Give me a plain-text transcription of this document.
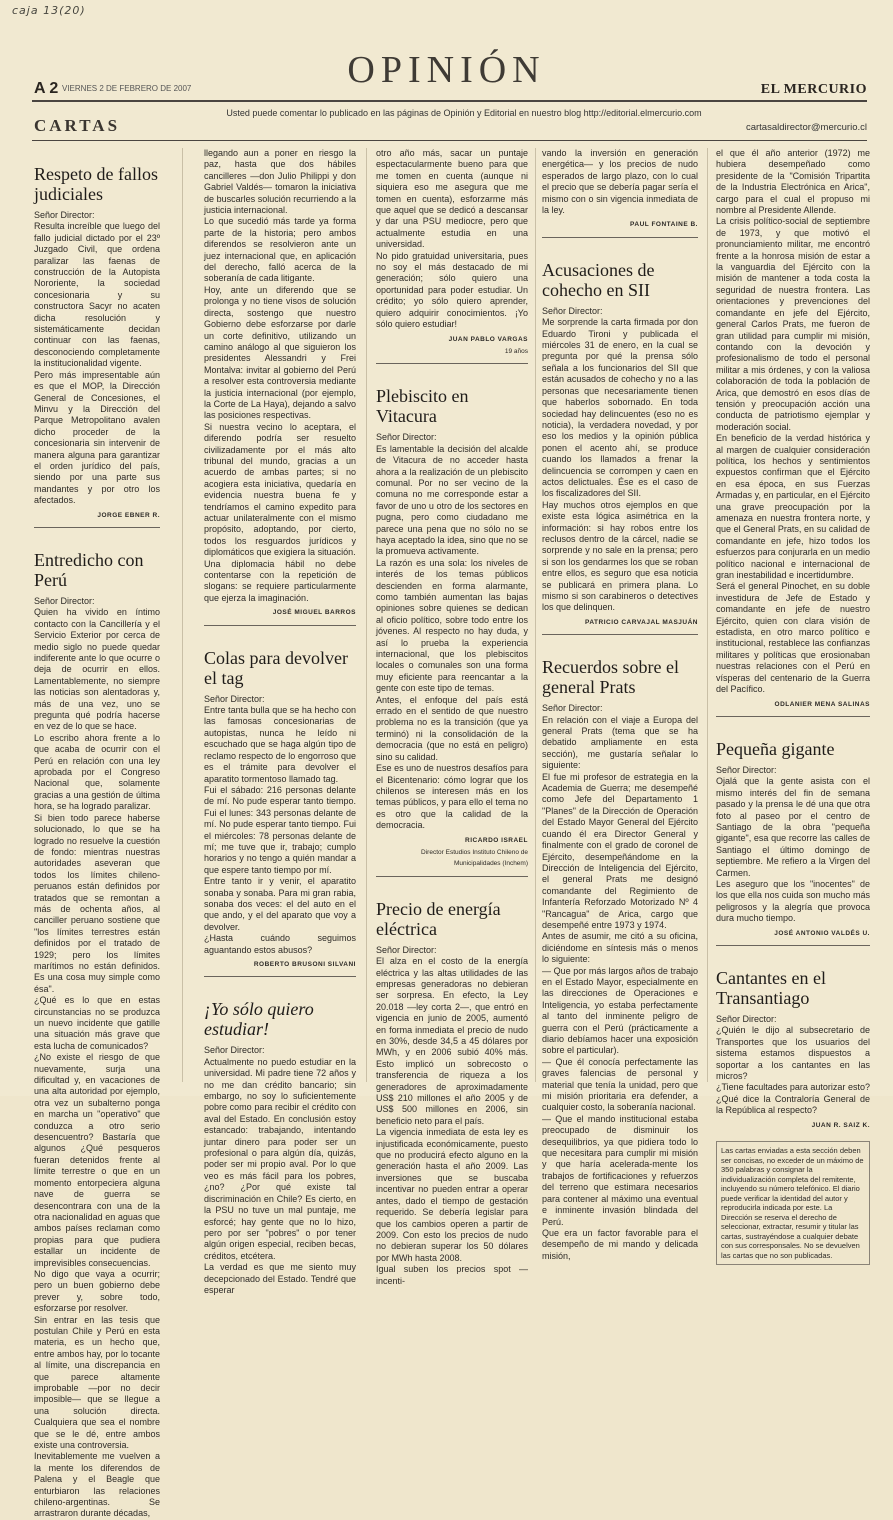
caja 13(20)
OPINIÓN
A 2 VIERNES 2 DE FEBRERO DE 2007	EL MERCURIO
CARTAS
Usted puede comentar lo publicado en las páginas de Opinión y Editorial en nuestro blog http://editorial.elmercurio.com
cartasaldirector@mercurio.cl
Respeto de fallos judiciales

Señor Director:

Resulta increíble que luego del fallo judicial dictado por el 23º Juzgado Civil, que ordena paralizar las faenas de construcción de la Autopista Nororiente, la sociedad concesionaria y su constructora Sacyr no acaten dicha resolución y sistemáticamente decidan continuar con las faenas, desconociendo completamente la institucionalidad vigente.

Pero más impresentable aún es que el MOP, la Dirección General de Concesiones, el Minvu y la Dirección del Parque Metropolitano avalen dicho proceder de la concesionaria sin intervenir de manera alguna para garantizar el orden jurídico del país, siendo por una parte sus mandantes y por otro los afectados.

JORGE EBNER R.
Entredicho con Perú

Señor Director:

Quien ha vivido en íntimo contacto con la Cancillería y el Servicio Exterior por cerca de medio siglo no puede quedar indiferente ante lo que ocurre o deja de ocurrir en ellos. Lamentablemente, no siempre las noticias son alentadoras y, más de una vez, uno se pregunta qué podría hacerse en vez de lo que se hace.

Lo escribo ahora frente a lo que acaba de ocurrir con el Perú en relación con una ley aprobada por el Congreso Nacional que, solamente gracias a una gestión de última hora, se ha logrado paralizar.

Si bien todo parece haberse solucionado, lo que se ha logrado no resuelve la cuestión de fondo: mientras nuestras autoridades aseveran que todos los límites chileno-peruanos están definidos por tratados que se remontan a más de ochenta años, al canciller peruano sostiene que "los límites terrestres están definidos por el tratado de 1929; pero los límites marítimos no están definidos. Es una cosa muy simple como ésa".

¿Qué es lo que en estas circunstancias no se produzca un nuevo incidente que gatille una situación más grave que esta lucha de comunicados?

¿No existe el riesgo de que nuevamente, surja una dificultad y, en vacaciones de una alta autoridad por ejemplo, otra vez un subalterno ponga en marcha un "operativo" que conduzca a otro serio desencuentro? Bastaría que algunos ¿Qué pesqueros fueran detenidos frente al límite terrestre o que en un momento entorpeciera alguna nave de guerra se desencontrara con una de la otra nacionalidad en aguas que ambos países reclaman como propias para que pudiera estallar un incidente de imprevisibles consecuencias.

No digo que vaya a ocurrir; pero un buen gobierno debe prever y, sobre todo, esforzarse por resolver.

Sin entrar en las tesis que postulan Chile y Perú en esta materia, es un hecho que, entre ambos hay, por lo tocante al límite, una discrepancia en que parece altamente improbable —por no decir imposible— que se llegue a una solución directa. Cualquiera que sea el nombre que se le dé, entre ambos existe una controversia.

Inevitablemente me vuelven a la mente los diferendos de Palena y el Beagle que enturbiaron las relaciones chileno-argentinas. Se arrastraron durante décadas,

llegando aun a poner en riesgo la paz, hasta que dos hábiles cancilleres —don Julio Philippi y don Gabriel Valdés— tomaron la iniciativa de buscarles solución recurriendo a la justicia internacional.

Lo que sucedió más tarde ya forma parte de la historia; pero ambos diferendos se resolvieron ante un juez internacional que, en aplicación del derecho, falló acerca de la soberanía de cada litigante.

Hoy, ante un diferendo que se prolonga y no tiene visos de solución directa, sostengo que nuestro Gobierno debe esforzarse por darle un corte definitivo, utilizando un camino análogo al que siguieron los presidentes Alessandri y Frei Montalva: invitar al gobierno del Perú a resolver esta controversia mediante la justicia internacional (por ejemplo, la Corte de La Haya), dejando a salvo las posiciones respectivas.

Si nuestra vecino lo aceptara, el diferendo podría ser resuelto civilizadamente por el más alto tribunal del mundo, gracias a un acuerdo de ambas partes; si no acogiera esta iniciativa, quedaría en evidencia nuestra buena fe y tendríamos el camino expedito para actuar unilateralmente con el mismo propósito, adoptando, por cierto, todos los resguardos jurídicos y diplomáticos que exigiera la situación.

Una diplomacia hábil no debe contentarse con la repetición de slogans: se requiere particularmente que ejerza la imaginación.

JOSÉ MIGUEL BARROS
Colas para devolver el tag

Señor Director:

Entre tanta bulla que se ha hecho con las famosas concesionarias de autopistas, nunca he leído ni escuchado que se haga algún tipo de reclamo respecto de lo engorroso que es el trámite para devolver el aparatito tormentoso llamado tag.

Fui el sábado: 216 personas delante de mí. No pude esperar tanto tiempo. Fui el lunes: 343 personas delante de mí. No pude esperar tanto tiempo. Fui el miércoles: 78 personas delante de mí; me tuve que ir, trabajo; cumplo horarios y no tengo a quién mandar a que espere tanto tiempo por mí.

Entre tanto ir y venir, el aparatito sonaba y sonaba. Para mi gran rabia, sonaba dos veces: el del auto en el que ando, y el del aparato que voy a devolver.

¿Hasta cuándo seguimos aguantando estos abusos?

ROBERTO BRUSONI SILVANI
¡Yo sólo quiero estudiar!

Señor Director:

Actualmente no puedo estudiar en la universidad. Mi padre tiene 72 años y no me dan crédito bancario; sin embargo, no soy lo suficientemente pobre como para recibir el crédito con aval del Estado. En conclusión estoy estancado: trabajando, intentando juntar dinero para poder ser un profesional o para algún día, quizás, poder ser mi propio aval. Por lo que veo es más fácil para los pobres, ¿no? ¿Por qué existe tal discriminación en Chile? Es cierto, en la PSU no tuve un mal puntaje, me esforcé; hay gente que no lo hizo, pero por ser "pobres" o por tener algún origen especial, reciben becas, créditos, etcétera.

La verdad es que me siento muy decepcionado del Estado. Tendré que esperar

otro año más, sacar un puntaje espectacularmente bueno para que me tomen en cuenta (aunque ni siquiera eso me asegura que me tomen en cuenta), esforzarme más que aquel que se dedicó a descansar y dar una PSU mediocre, pero que actualmente estudia en una universidad.

No pido gratuidad universitaria, pues no soy el más destacado de mi generación; sólo quiero una oportunidad para poder estudiar. Un crédito; yo sólo quiero aprender, quiero adquirir conocimientos. ¡Yo sólo quiero estudiar!

JUAN PABLO VARGAS
19 años
Plebiscito en Vitacura

Señor Director:

Es lamentable la decisión del alcalde de Vitacura de no acceder hasta ahora a la realización de un plebiscito comunal. Por no ser vecino de la comuna no me corresponde estar a favor de uno u otro de los sectores en pugna, pero como ciudadano me parece una pena que no sólo no se haya aceptado la idea, sino que no se la promueva activamente.

La razón es una sola: los niveles de interés de los temas públicos descienden en forma alarmante, como también aumentan las bajas opiniones sobre quienes se dedican al oficio político, sobre todo entre los jóvenes. Al respecto no hay duda, y así lo prueba la experiencia internacional, que los plebiscitos locales o comunales son una forma muy eficiente para reencantar a la gente con este tipo de temas.

Antes, el enfoque del país está errado en el sentido de que nuestro problema no es la transición (que ya terminó) ni la consolidación de la democracia (que no está en peligro) sino su calidad.

Ese es uno de nuestros desafíos para el Bicentenario: cómo lograr que los chilenos se interesen más en los temas públicos, y para ello el tema no es otro que la calidad de la democracia.

RICARDO ISRAEL
Director Estudios Instituto Chileno de Municipalidades (Inchem)
Precio de energía eléctrica

Señor Director:

El alza en el costo de la energía eléctrica y las altas utilidades de las empresas generadoras no debieran ser sorpresa. En efecto, la Ley 20.018 —ley corta 2—, que entró en vigencia en junio de 2005, aumentó en forma inmediata el precio de nudo en 30%, desde 34,5 a 45 dólares por MWh, y en 2006 subió 40% más. Esto implicó un sobrecosto o transferencia de riqueza a los generadores de aproximadamente US$ 210 millones el año 2005 y de US$ 500 millones en 2006, sin beneficio neto para el país.

La vigencia inmediata de esta ley es injustificada económicamente, puesto que no producirá efecto alguno en la generación hasta el año 2009. Las inversiones que se buscaba incentivar no pueden entrar a operar antes, dado el tiempo de gestación requerido. Se debería legislar para que los cambios operen a partir de 2009. Con esto los precios de nudo no debieran superar los 50 dólares por MWh hasta 2008.

Igual suben los precios spot —incenti-

vando la inversión en generación energética— y los precios de nudo esperados de largo plazo, con lo cual el precio que se debería pagar sería el mismo con o sin vigencia inmediata de la ley.

PAUL FONTAINE B.
Acusaciones de cohecho en SII

Señor Director:

Me sorprende la carta firmada por don Eduardo Tironi y publicada el miércoles 31 de enero, en la cual se pregunta por qué la prensa sólo señala a los funcionarios del SII que están acusados de cohecho y no a las personas que necesariamente tienen que haberlos sobornado. En toda sociedad hay delincuentes (eso no es noticia), la verdadera novedad, y por eso los medios y la opinión pública ponen el acento ahí, se produce cuando los llamados a frenar la delincuencia se corrompen y caen en actos delictuales. Ése es el caso de los fiscalizadores del SII.

Hay muchos otros ejemplos en que existe esta lógica asimétrica en la información: si hay robos entre los reclusos dentro de la cárcel, nadie se sorprende y no sale en la prensa; pero si son los gendarmes los que se roban entre ellos, es seguro que esa noticia se publicará en primera plana. Lo mismo si son carabineros o detectives los que delinquen.

PATRICIO CARVAJAL MASJUÁN
Recuerdos sobre el general Prats

Señor Director:

En relación con el viaje a Europa del general Prats (tema que se ha debatido ampliamente en esta sección), me gustaría señalar lo siguiente:

El fue mi profesor de estrategia en la Academia de Guerra; me desempeñé como Jefe del Departamento 1 "Planes" de la Dirección de Operación del Estado Mayor General del Ejército cuando él era Director General y finalmente con el grado de coronel de Ejército, desempeñándome en la Dirección de Inteligencia del Ejército, el general Prats me designó comandante del Regimiento de Infantería Reforzado Motorizado Nº 4 "Rancagua" de Arica, cargo que desempeñé entre 1973 y 1974.

Antes de asumir, me citó a su oficina, diciéndome en síntesis más o menos lo siguiente:

— Que por más largos años de trabajo en el Estado Mayor, especialmente en las direcciones de Operaciones e Inteligencia, yo estaba perfectamente al tanto del inminente peligro de guerra con el Perú (prácticamente a diario debíamos hacer una exposición sobre el particular).

— Que él conocía perfectamente las graves falencias de personal y material que tenía la unidad, pero que mi misión prioritaria era defender, a cualquier costo, la soberanía nacional.

— Que el mando institucional estaba preocupado de disminuir los desequilibrios, ya que pidiera todo lo que necesitara para cumplir mi misión y que haría acelerada-mente los trabajos de fortificaciones y refuerzos del terreno que estimara necesarios para contener al máximo una eventual e inminente invasión blindada del Perú.

Que era un factor favorable para el desempeño de mi mando y delicada misión,

el que él año anterior (1972) me hubiera desempeñado como presidente de la "Comisión Tripartita de la Industria Electrónica en Arica", cargo para el cual el propuso mi nombre al Presidente Allende.

La crisis político-social de septiembre de 1973, y que motivó el pronunciamiento militar, me encontró frente a la honrosa misión de estar a la vanguardia del Ejército con la misión de mantener a toda costa la seguridad de nuestra frontera. Las orientaciones y prevenciones del comandante en jefe del Ejército, general Carlos Prats, me fueron de gran utilidad para cumplir mi misión, contando con la devoción y profesionalismo de todo el personal militar a mis órdenes, y con la valiosa colaboración de toda la población de Arica, que demostró en esos días de tensión y preocupación acción una conducta de patriotismo ejemplar y moderación social.

En beneficio de la verdad histórica y al margen de cualquier consideración política, los hechos y sentimientos expuestos confirman que el Ejército en esa época, en sus Fuerzas Armadas y, en particular, en el Ejército una grave preocupación por la amenaza en nuestra frontera norte, y que el General Prats, en su calidad de comandante en jefe, hizo todos los esfuerzos para conjurarla en un medio político nacional e internacional de gran inestabilidad e incertidumbre.

Será el general Pinochet, en su doble investidura de Jefe de Estado y comandante en jefe de nuestro Ejército, quien con clara visión de estadista, en otro marco político e institucional, restablece las confianzas militares y políticas que erosionaban nuestras relaciones con el Perú en vísperas del centenario de la Guerra del Pacífico.

ODLANIER MENA SALINAS
Pequeña gigante

Señor Director:

Ojalá que la gente asista con el mismo interés del fin de semana pasado y la prensa le dé una que otra foto al paseo por el centro de Santiago de la obra "pequeña gigante", esa que recorre las calles de Santiago el último domingo de septiembre. Me refiero a la Virgen del Carmen.

Les aseguro que los "inocentes" de los que ella nos cuida son mucho más peligrosos y la alegría que provoca dura mucho tiempo.

JOSÉ ANTONIO VALDÉS U.
Cantantes en el Transantiago

Señor Director:

¿Quién le dijo al subsecretario de Transportes que los usuarios del sistema estamos dispuestos a soportar a los cantantes en las micros?

¿Tiene facultades para autorizar esto? ¿Qué dice la Contraloría General de la República al respecto?

JUAN R. SAIZ K.
Las cartas enviadas a esta sección deben ser concisas, no exceder de un máximo de 350 palabras y consignar la individualización completa del remitente, incluyendo su número telefónico. El diario puede verificar la identidad del autor y reproducirla indicada por este. La Dirección se reserva el derecho de seleccionar, extractar, resumir y titular las cartas, sustrayéndose a cualquier debate con sus corresponsales. No se devuelven las cartas que no son publicadas.
